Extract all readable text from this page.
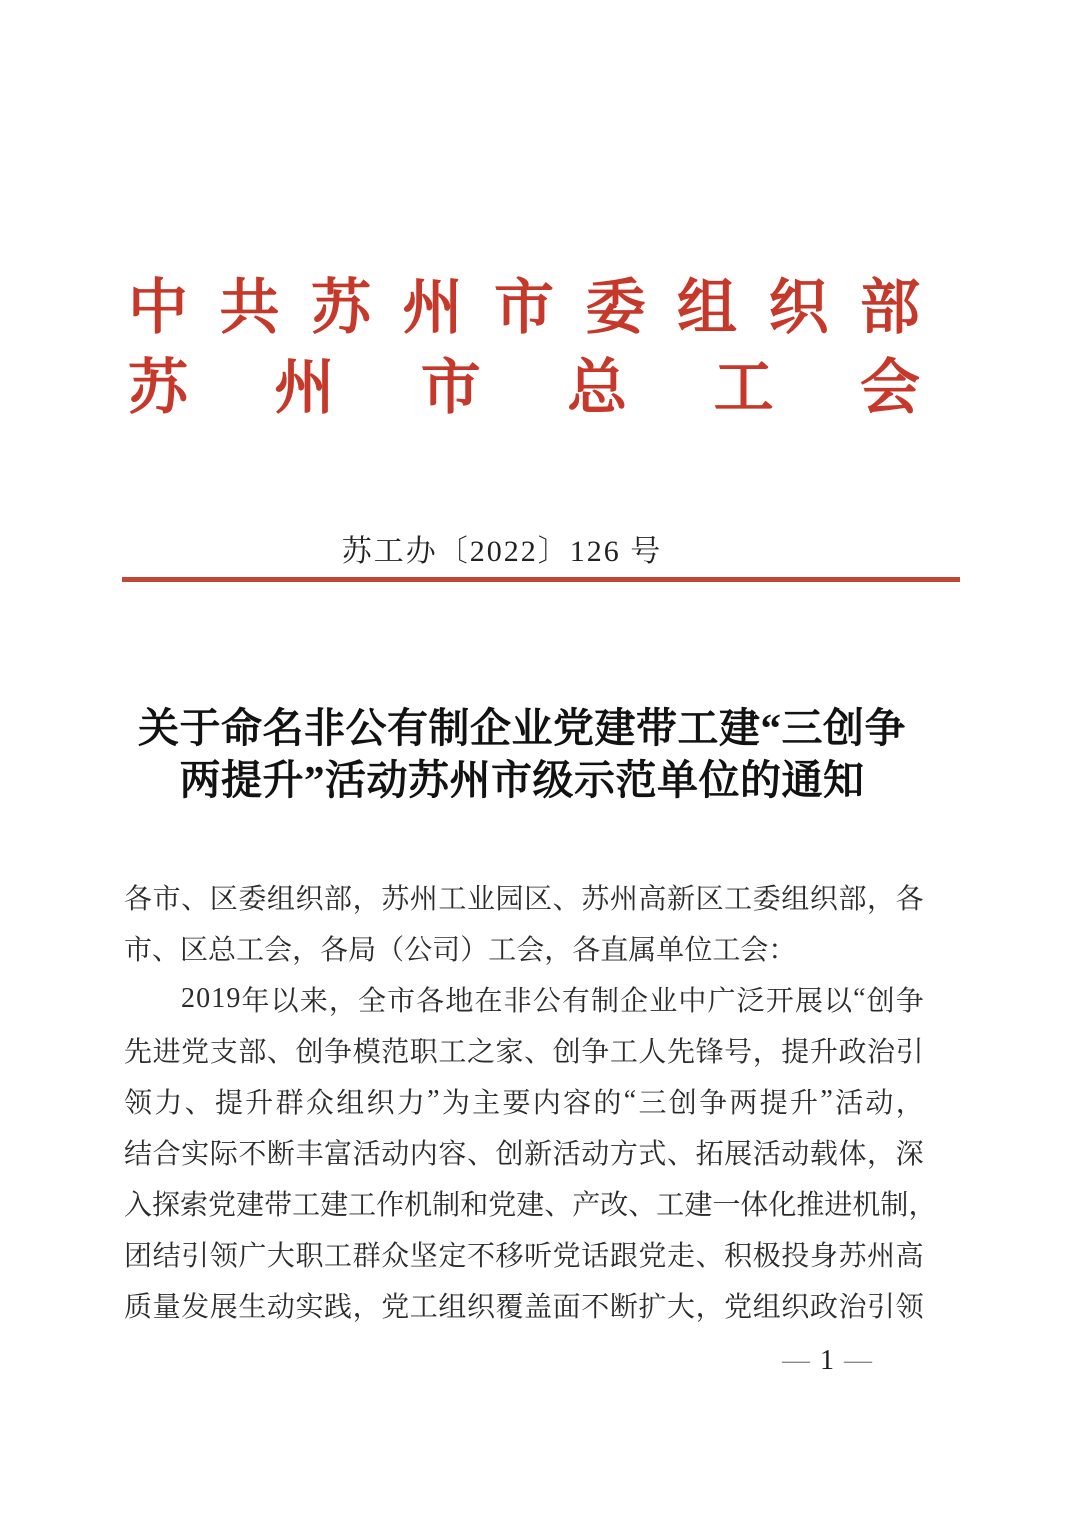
中 共 苏 州 市 委 组 织 部
苏 州 市 总 工 会
苏工办〔2022〕126 号
关于命名非公有制企业党建带工建“三创争
两提升”活动苏州市级示范单位的通知
各 市 、 区 委 组 织 部 ， 苏 州 工 业 园 区 、 苏 州 高 新 区 工 委 组 织 部 ， 各
市 、 区 总 工 会 ， 各 局 （ 公 司 ） 工 会 ， 各 直 属 单 位 工 会 ：
2 0 1 9 年 以 来 ， 全 市 各 地 在 非 公 有 制 企 业 中 广 泛 开 展 以 “ 创 争
先 进 党 支 部 、 创 争 模 范 职 工 之 家 、 创 争 工 人 先 锋 号 ， 提 升 政 治 引
领 力 、 提 升 群 众 组 织 力 ” 为 主 要 内 容 的 “ 三 创 争 两 提 升 ” 活 动 ，
结 合 实 际 不 断 丰 富 活 动 内 容 、 创 新 活 动 方 式 、 拓 展 活 动 载 体 ， 深
入 探 索 党 建 带 工 建 工 作 机 制 和 党 建 、 产 改 、 工 建 一 体 化 推 进 机 制 ，
团 结 引 领 广 大 职 工 群 众 坚 定 不 移 听 党 话 跟 党 走 、 积 极 投 身 苏 州 高
质 量 发 展 生 动 实 践 ， 党 工 组 织 覆 盖 面 不 断 扩 大 ， 党 组 织 政 治 引 领
— 1 —
